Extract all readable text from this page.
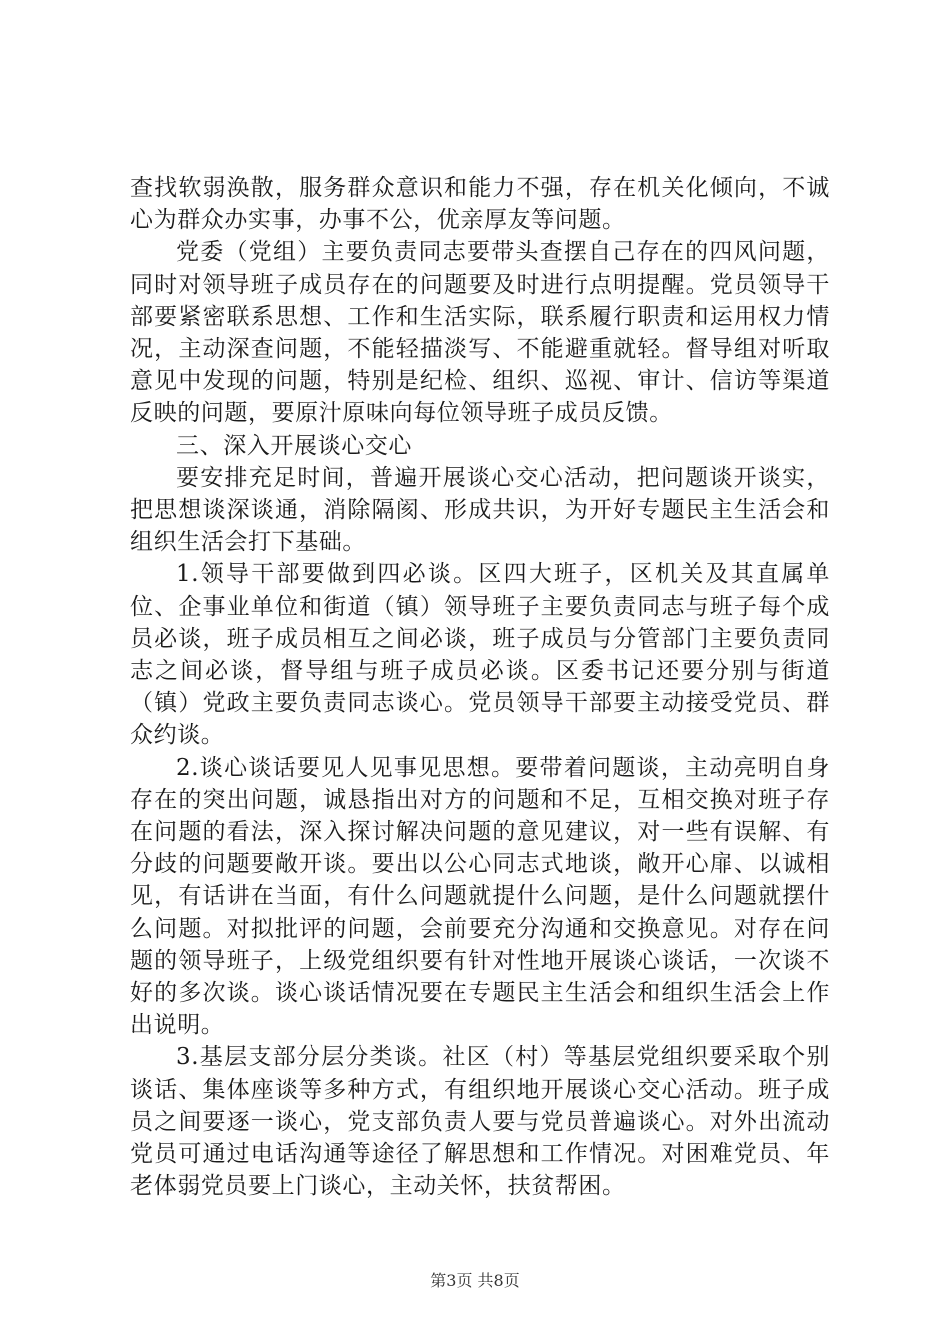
查找软弱涣散，服务群众意识和能力不强，存在机关化倾向，不诚心为群众办实事，办事不公，优亲厚友等问题。

党委（党组）主要负责同志要带头查摆自己存在的四风问题，同时对领导班子成员存在的问题要及时进行点明提醒。党员领导干部要紧密联系思想、工作和生活实际，联系履行职责和运用权力情况，主动深查问题，不能轻描淡写、不能避重就轻。督导组对听取意见中发现的问题，特别是纪检、组织、巡视、审计、信访等渠道反映的问题，要原汁原味向每位领导班子成员反馈。

三、深入开展谈心交心

要安排充足时间，普遍开展谈心交心活动，把问题谈开谈实，把思想谈深谈通，消除隔阂、形成共识，为开好专题民主生活会和组织生活会打下基础。

1.领导干部要做到四必谈。区四大班子，区机关及其直属单位、企事业单位和街道（镇）领导班子主要负责同志与班子每个成员必谈，班子成员相互之间必谈，班子成员与分管部门主要负责同志之间必谈，督导组与班子成员必谈。区委书记还要分别与街道（镇）党政主要负责同志谈心。党员领导干部要主动接受党员、群众约谈。

2.谈心谈话要见人见事见思想。要带着问题谈，主动亮明自身存在的突出问题，诚恳指出对方的问题和不足，互相交换对班子存在问题的看法，深入探讨解决问题的意见建议，对一些有误解、有分歧的问题要敞开谈。要出以公心同志式地谈，敞开心扉、以诚相见，有话讲在当面，有什么问题就提什么问题，是什么问题就摆什么问题。对拟批评的问题，会前要充分沟通和交换意见。对存在问题的领导班子，上级党组织要有针对性地开展谈心谈话，一次谈不好的多次谈。谈心谈话情况要在专题民主生活会和组织生活会上作出说明。

3.基层支部分层分类谈。社区（村）等基层党组织要采取个别谈话、集体座谈等多种方式，有组织地开展谈心交心活动。班子成员之间要逐一谈心，党支部负责人要与党员普遍谈心。对外出流动党员可通过电话沟通等途径了解思想和工作情况。对困难党员、年老体弱党员要上门谈心，主动关怀，扶贫帮困。

第3页 共8页
